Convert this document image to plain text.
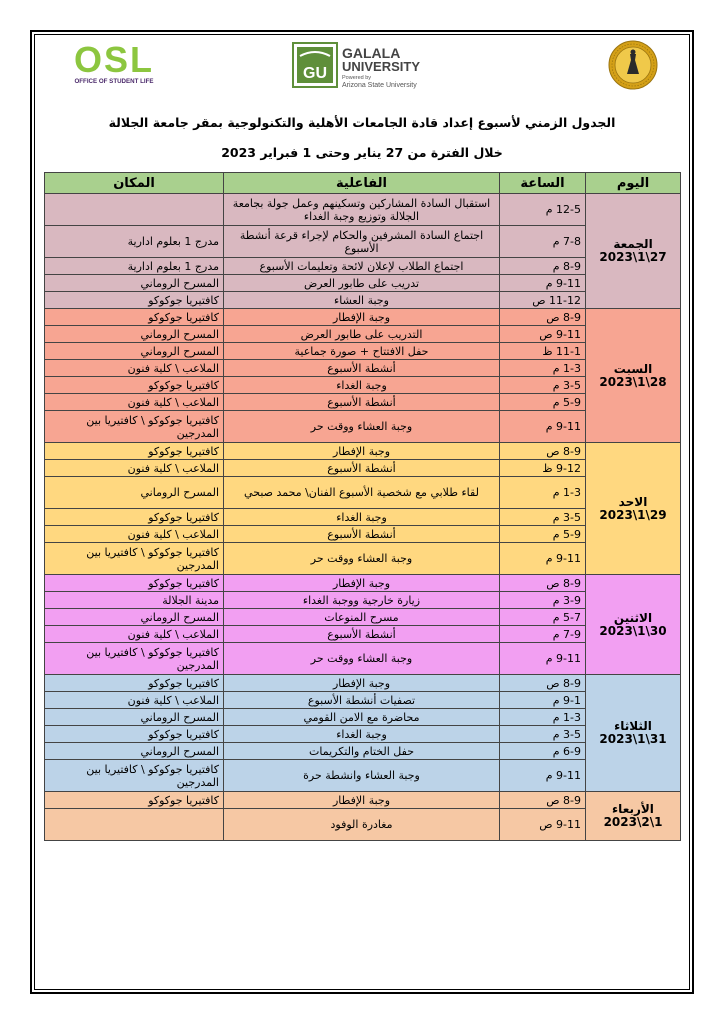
OSL
OFFICE OF STUDENT LIFE	GU
GALALA
UNIVERSITY
Powered by
Arizona State University
الجدول الزمني لأسبوع إعداد قادة الجامعات الأهلية والتكنولوجية بمقر جامعة الجلالة
خلال الفترة من 27 يناير وحتى 1 فبراير 2023
اليوم	الساعة	الفاعلية	المكان

الجمعة
2023\1\27	12-5 م	استقبال السادة المشاركين وتسكينهم وعمل جولة بجامعة الجلالة وتوزيع وجبة الغداء	
	7-8 م	اجتماع السادة المشرفين والحكام لإجراء قرعة أنشطة الأسبوع	مدرج 1 بعلوم ادارية
	8-9 م	اجتماع الطلاب لإعلان لائحة وتعليمات الأسبوع	مدرج 1 بعلوم ادارية
	9-11 م	تدريب على طابور العرض	المسرح الروماني
	11-12 ص	وجبة العشاء	كافتيريا جوكوكو

السبت
2023\1\28	8-9 ص	وجبة الإفطار	كافتيريا جوكوكو
	9-11 ص	التدريب على طابور العرض	المسرح الروماني
	11-1 ظ	حفل الافتتاح + صورة جماعية	المسرح الروماني
	1-3 م	أنشطة الأسبوع	الملاعب \ كلية فنون
	3-5 م	وجبة الغداء	كافتيريا جوكوكو
	5-9 م	أنشطة الأسبوع	الملاعب \ كلية فنون
	9-11 م	وجبة العشاء ووقت حر	كافتيريا جوكوكو \ كافتيريا بين المدرجين

الاحد
2023\1\29	8-9 ص	وجبة الإفطار	كافتيريا جوكوكو
	9-12 ظ	أنشطة الأسبوع	الملاعب \ كلية فنون
	1-3 م	لقاء طلابي مع شخصية الأسبوع الفنان\ محمد صبحي	المسرح الروماني
	3-5 م	وجبة الغداء	كافتيريا جوكوكو
	5-9 م	أنشطة الأسبوع	الملاعب \ كلية فنون
	9-11 م	وجبة العشاء ووقت حر	كافتيريا جوكوكو \ كافتيريا بين المدرجين

الاثنين
2023\1\30	8-9 ص	وجبة الإفطار	كافتيريا جوكوكو
	3-9 م	زيارة خارجية ووجبة الغداء	مدينة الجلالة
	5-7 م	مسرح المنوعات	المسرح الروماني
	7-9 م	أنشطة الأسبوع	الملاعب \ كلية فنون
	9-11 م	وجبة العشاء ووقت حر	كافتيريا جوكوكو \ كافتيريا بين المدرجين

الثلاثاء
2023\1\31	8-9 ص	وجبة الإفطار	كافتيريا جوكوكو
	9-1 م	تصفيات أنشطة الأسبوع	الملاعب \ كلية فنون
	1-3 م	محاضرة مع الامن القومي	المسرح الروماني
	3-5 م	وجبة الغداء	كافتيريا جوكوكو
	6-9 م	حفل الختام والتكريمات	المسرح الروماني
	9-11 م	وجبة العشاء وانشطة حرة	كافتيريا جوكوكو \ كافتيريا بين المدرجين

الأربعاء
2023\2\1	8-9 ص	وجبة الإفطار	كافتيريا جوكوكو
	9-11 ص	مغادرة الوفود	
